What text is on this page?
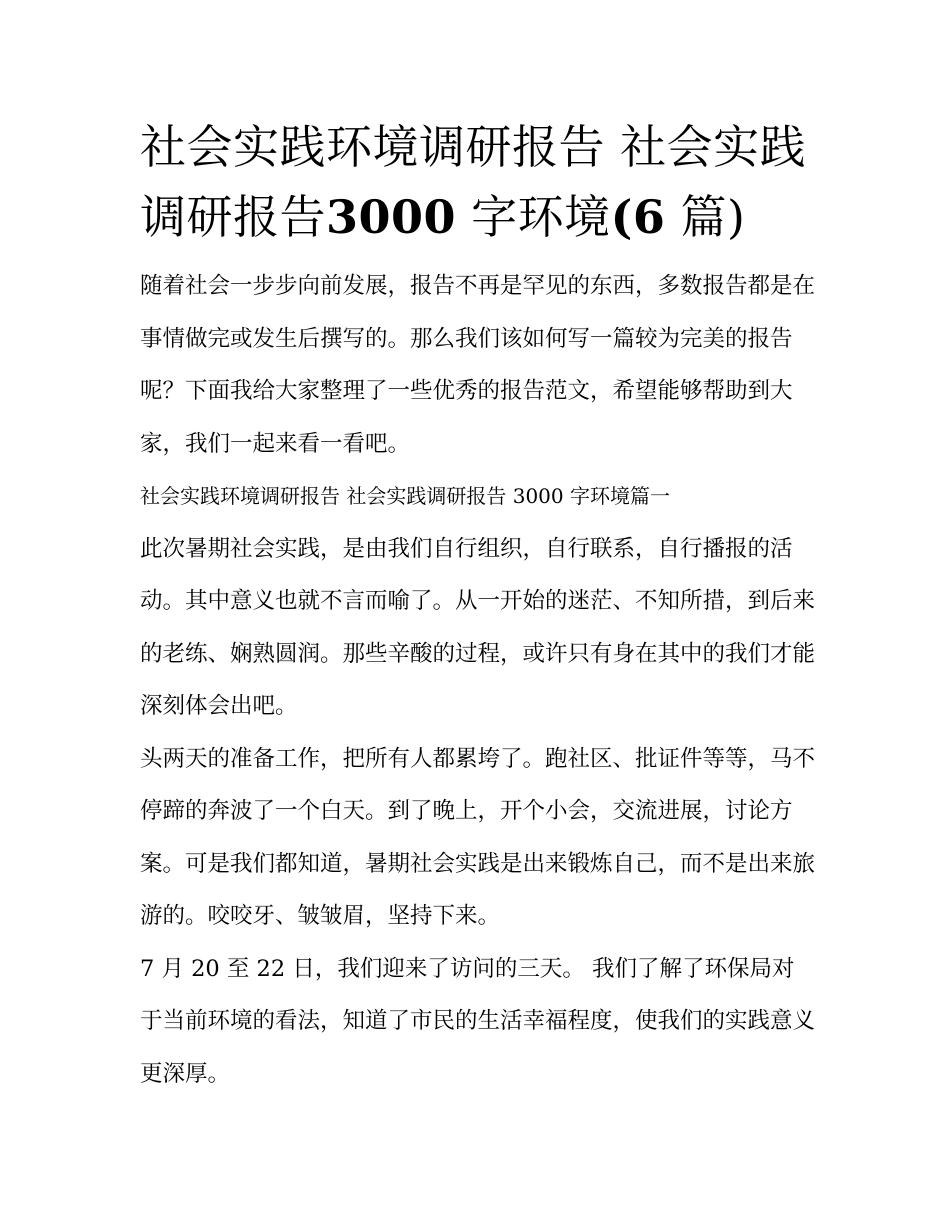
社会实践环境调研报告 社会实践调研报告3000 字环境(6 篇)

随着社会一步步向前发展，报告不再是罕见的东西，多数报告都是在事情做完或发生后撰写的。那么我们该如何写一篇较为完美的报告呢？下面我给大家整理了一些优秀的报告范文，希望能够帮助到大家，我们一起来看一看吧。

社会实践环境调研报告 社会实践调研报告 3000 字环境篇一

此次暑期社会实践，是由我们自行组织，自行联系，自行播报的活动。其中意义也就不言而喻了。从一开始的迷茫、不知所措，到后来的老练、娴熟圆润。那些辛酸的过程，或许只有身在其中的我们才能深刻体会出吧。

头两天的准备工作，把所有人都累垮了。跑社区、批证件等等，马不停蹄的奔波了一个白天。到了晚上，开个小会，交流进展，讨论方案。可是我们都知道，暑期社会实践是出来锻炼自己，而不是出来旅游的。咬咬牙、皱皱眉，坚持下来。

7 月 20 至 22 日，我们迎来了访问的三天。 我们了解了环保局对于当前环境的看法，知道了市民的生活幸福程度，使我们的实践意义更深厚。
